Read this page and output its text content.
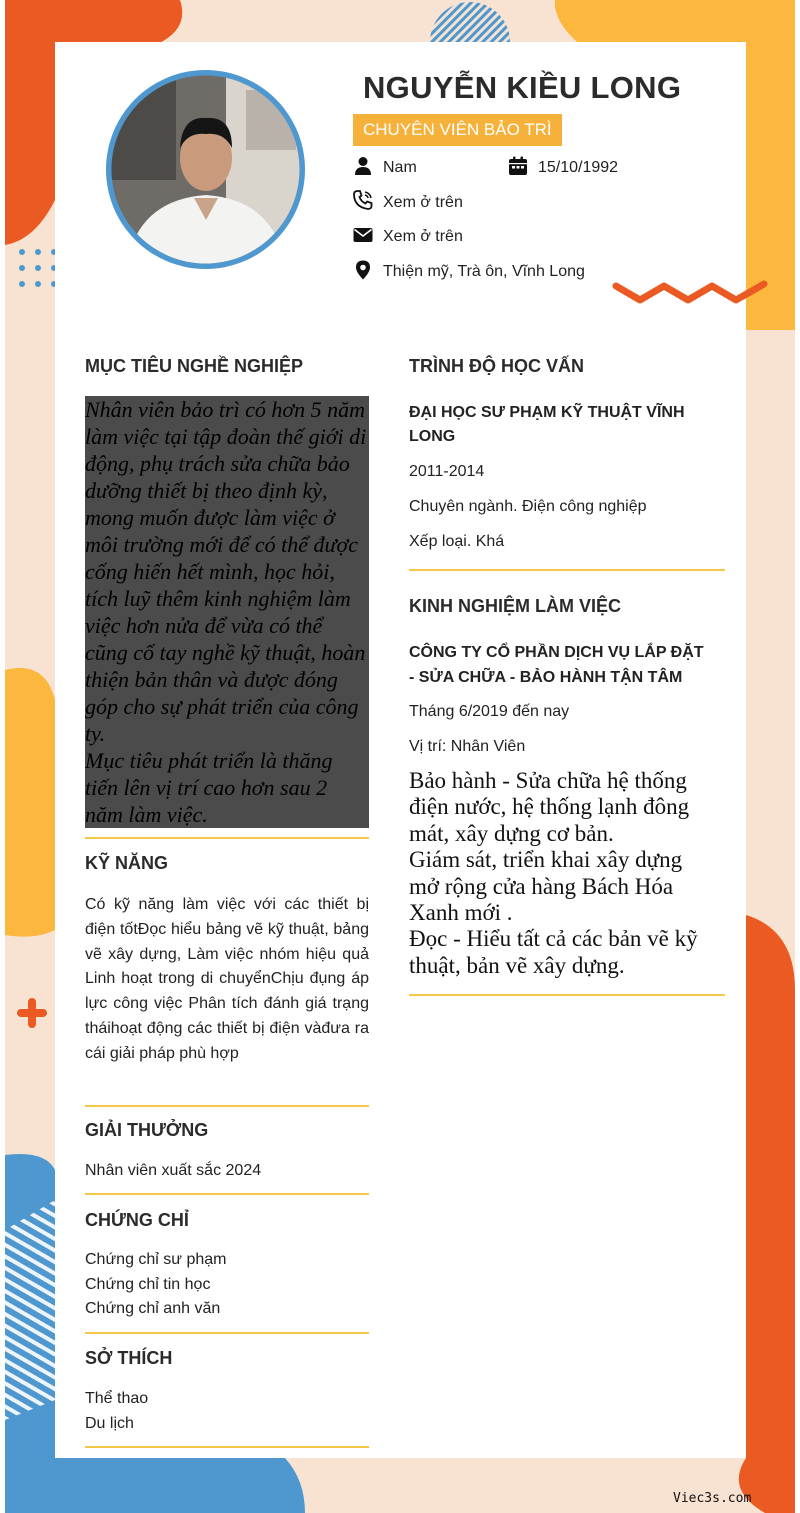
NGUYỄN KIỀU LONG
CHUYÊN VIÊN BẢO TRÌ
Nam	15/10/1992
Xem ở trên
Xem ở trên
Thiện mỹ, Trà ôn, Vĩnh Long
MỤC TIÊU NGHỀ NGHIỆP
Nhân viên bảo trì có hơn 5 năm làm việc tại tập đoàn thế giới di động, phụ trách sửa chữa bảo dưỡng thiết bị theo định kỳ, mong muốn được làm việc ở môi trường mới để có thể được cống hiến hết mình, học hỏi, tích luỹ thêm kinh nghiệm làm việc hơn nửa để vừa có thể cũng cố tay nghề kỹ thuật, hoàn thiện bản thân và được đóng góp cho sự phát triển của công ty.
Mục tiêu phát triển là thăng tiến lên vị trí cao hơn sau 2 năm làm việc.
KỸ NĂNG
Có kỹ năng làm việc với các thiết bị điện tốtĐọc hiểu bảng vẽ kỹ thuật, bảng vẽ xây dựng, Làm việc nhóm hiệu quả Linh hoạt trong di chuyểnChịu đụng áp lực công việc Phân tích đánh giá trạng tháihoạt động các thiết bị điện vàđưa ra cái giải pháp phù hợp
GIẢI THƯỞNG
Nhân viên xuất sắc 2024
CHỨNG CHỈ
Chứng chỉ sư phạm
Chứng chỉ tin học
Chứng chỉ anh văn
SỞ THÍCH
Thể thao
Du lịch
TRÌNH ĐỘ HỌC VẤN
ĐẠI HỌC SƯ PHẠM KỸ THUẬT VĨNH LONG
2011-2014
Chuyên ngành. Điện công nghiệp
Xếp loại. Khá
KINH NGHIỆM LÀM VIỆC
CÔNG TY CỔ PHẦN DỊCH VỤ LẮP ĐẶT - SỬA CHỮA - BẢO HÀNH TẬN TÂM
Tháng 6/2019 đến nay
Vị trí: Nhân Viên
Bảo hành - Sửa chữa hệ thống điện nước, hệ thống lạnh đông mát, xây dựng cơ bản.
Giám sát, triển khai xây dựng mở rộng cửa hàng Bách Hóa Xanh mới .
Đọc - Hiểu tất cả các bản vẽ kỹ thuật, bản vẽ xây dựng.
Viec3s.com
